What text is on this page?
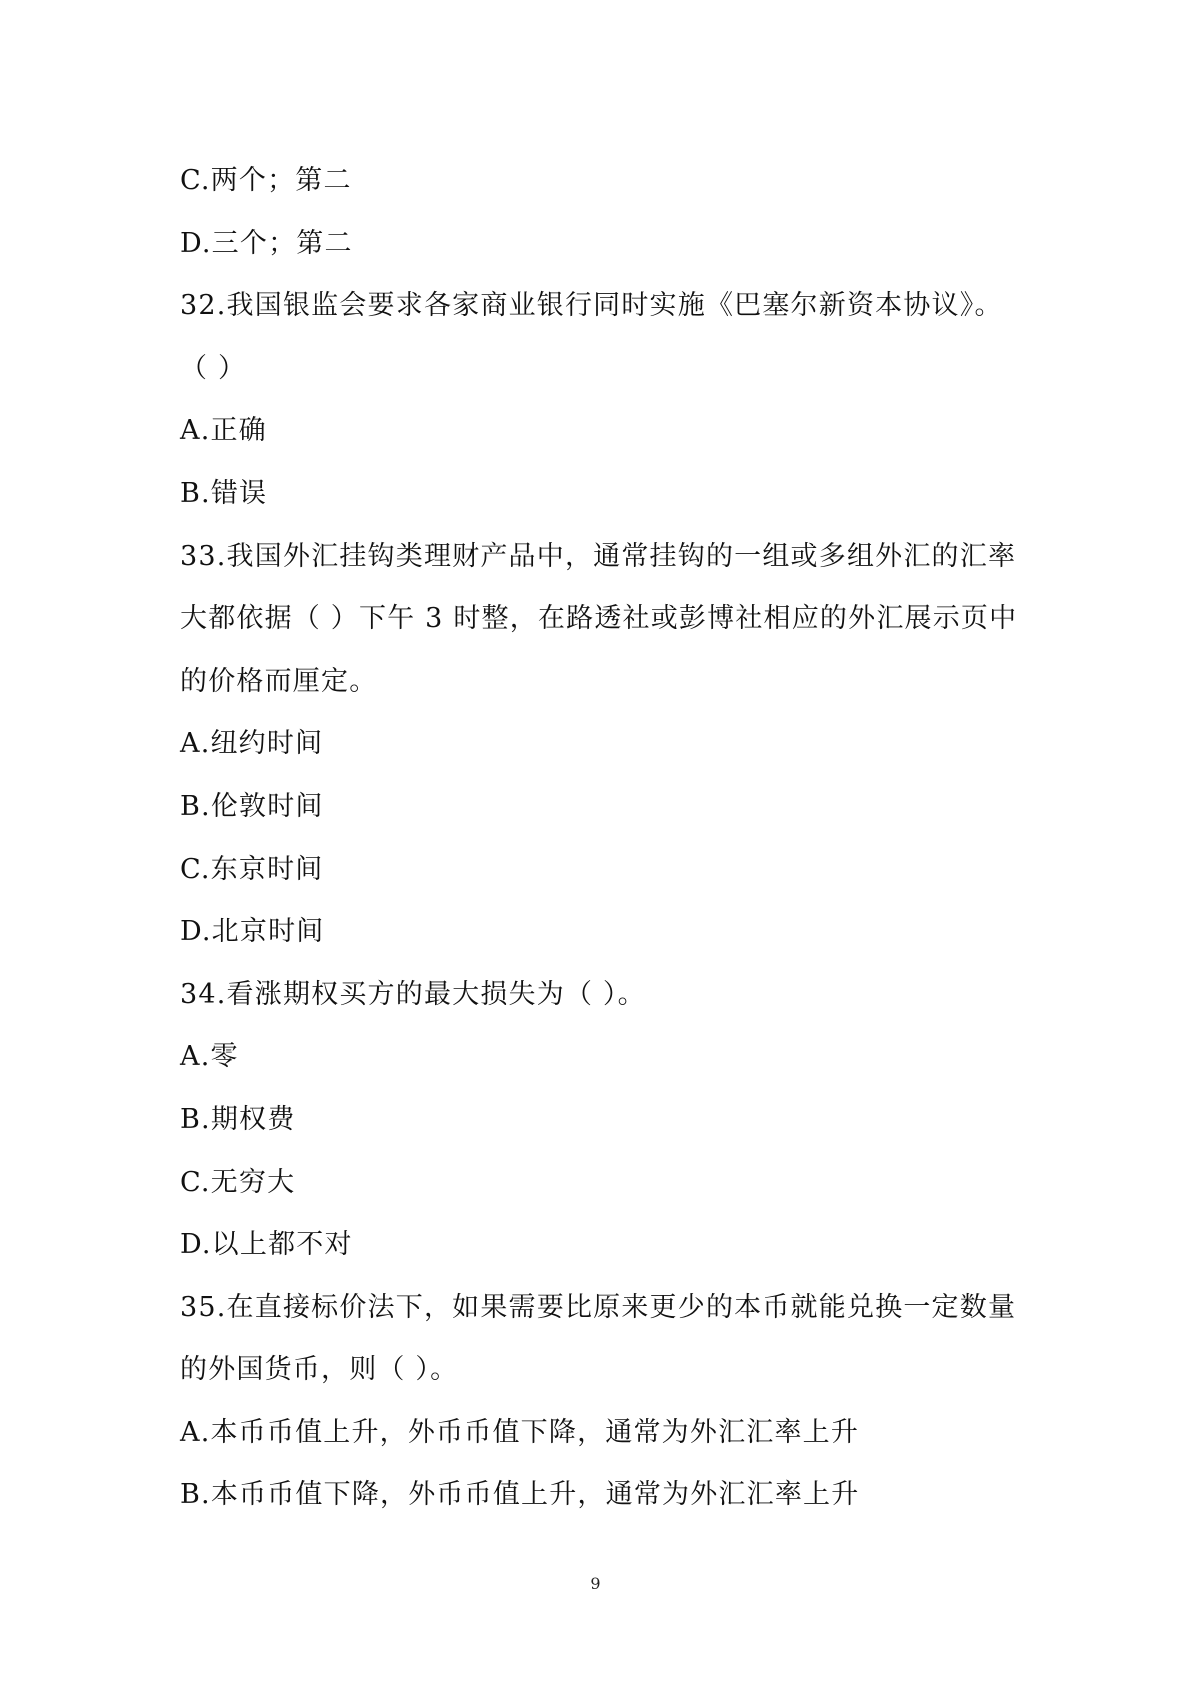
C.两个；第二
D.三个；第二
32.我国银监会要求各家商业银行同时实施《巴塞尔新资本协议》。
（ ）
A.正确
B.错误
33.我国外汇挂钩类理财产品中，通常挂钩的一组或多组外汇的汇率
大都依据（ ）下午 3 时整，在路透社或彭博社相应的外汇展示页中
的价格而厘定。
A.纽约时间
B.伦敦时间
C.东京时间
D.北京时间
34.看涨期权买方的最大损失为（ ）。
A.零
B.期权费
C.无穷大
D.以上都不对
35.在直接标价法下，如果需要比原来更少的本币就能兑换一定数量
的外国货币，则（ ）。
A.本币币值上升，外币币值下降，通常为外汇汇率上升
B.本币币值下降，外币币值上升，通常为外汇汇率上升
9
